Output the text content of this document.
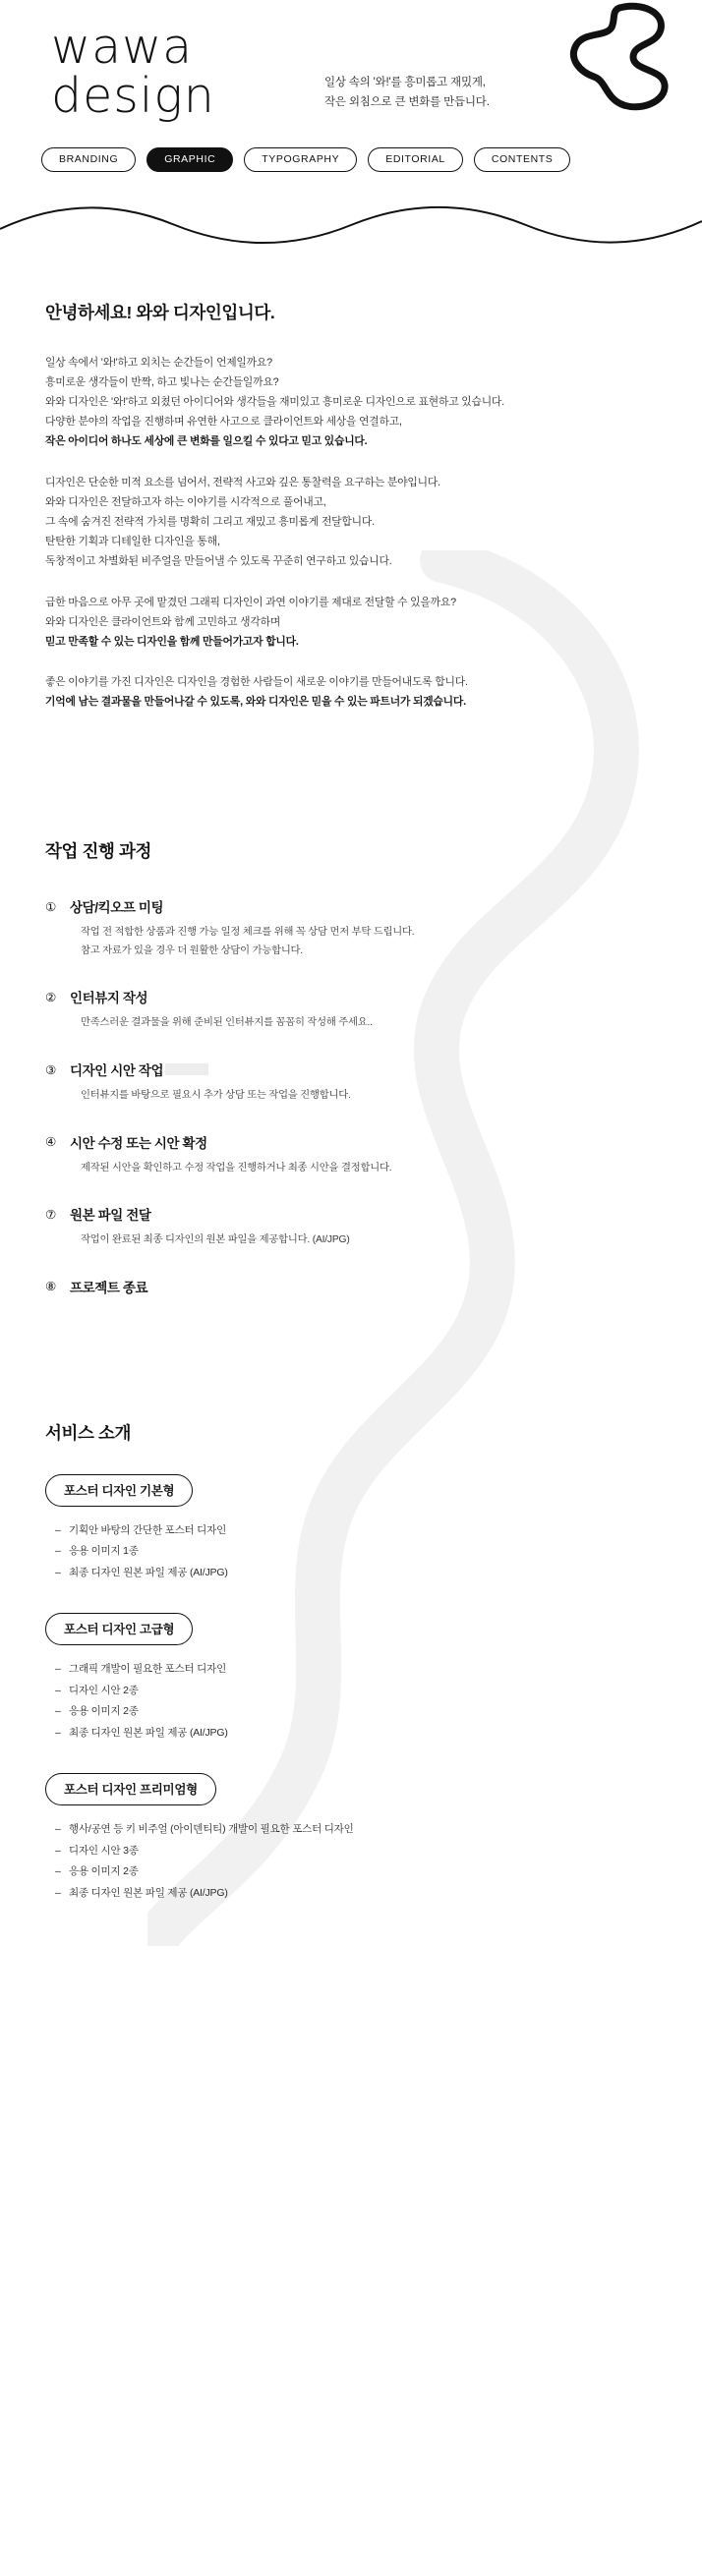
wawa
design	일상 속의 '와!'를 흥미롭고 재밌게,
작은 외침으로 큰 변화를 만듭니다.
BRANDING	GRAPHIC	TYPOGRAPHY	EDITORIAL	CONTENTS
안녕하세요! 와와 디자인입니다.

일상 속에서 '와!'하고 외치는 순간들이 언제일까요?
흥미로운 생각들이 반짝, 하고 빛나는 순간들일까요?
와와 디자인은 '와!'하고 외쳤던 아이디어와 생각들을 재미있고 흥미로운 디자인으로 표현하고 있습니다.
다양한 분야의 작업을 진행하며 유연한 사고으로 클라이언트와 세상을 연결하고,
작은 아이디어 하나도 세상에 큰 변화를 일으킬 수 있다고 믿고 있습니다.

디자인은 단순한 미적 요소를 넘어서, 전략적 사고와 깊은 통찰력을 요구하는 분야입니다.
와와 디자인은 전달하고자 하는 이야기를 시각적으로 풀어내고,
그 속에 숨겨진 전략적 가치를 명확히 그리고 재밌고 흥미롭게 전달합니다.
탄탄한 기획과 디테일한 디자인을 통해,
독창적이고 차별화된 비주얼을 만들어낼 수 있도록 꾸준히 연구하고 있습니다.

급한 마음으로 아무 곳에 맡겼던 그래픽 디자인이 과연 이야기를 제대로 전달할 수 있을까요?
와와 디자인은 클라이언트와 함께 고민하고 생각하며
믿고 만족할 수 있는 디자인을 함께 만들어가고자 합니다.

좋은 이야기를 가진 디자인은 디자인을 경험한 사람들이 새로운 이야기를 만들어내도록 합니다.
기억에 남는 결과물을 만들어나갈 수 있도록, 와와 디자인은 믿을 수 있는 파트너가 되겠습니다.

작업 진행 과정
①	상담/킥오프 미팅
작업 전 적합한 상품과 진행 가능 일정 체크를 위해 꼭 상담 먼저 부탁 드립니다.
참고 자료가 있을 경우 더 원활한 상담이 가능합니다.
②	인터뷰지 작성
만족스러운 결과물을 위해 준비된 인터뷰지를 꼼꼼히 작성해 주세요..
③	디자인 시안 작업
인터뷰지를 바탕으로 필요시 추가 상담 또는 작업을 진행합니다.
④	시안 수정 또는 시안 확정
제작된 시안을 확인하고 수정 작업을 진행하거나 최종 시안을 결정합니다.
⑦	원본 파일 전달
작업이 완료된 최종 디자인의 원본 파일을 제공합니다. (AI/JPG)
⑧	프로젝트 종료
서비스 소개
포스터 디자인 기본형
– 기획안 바탕의 간단한 포스터 디자인
– 응용 이미지 1종
– 최종 디자인 원본 파일 제공 (AI/JPG)
포스터 디자인 고급형
– 그래픽 개발이 필요한 포스터 디자인
– 디자인 시안 2종
– 응용 이미지 2종
– 최종 디자인 원본 파일 제공 (AI/JPG)
포스터 디자인 프리미엄형
– 행사/공연 등 키 비주얼 (아이덴티티) 개발이 필요한 포스터 디자인
– 디자인 시안 3종
– 응용 이미지 2종
– 최종 디자인 원본 파일 제공 (AI/JPG)
